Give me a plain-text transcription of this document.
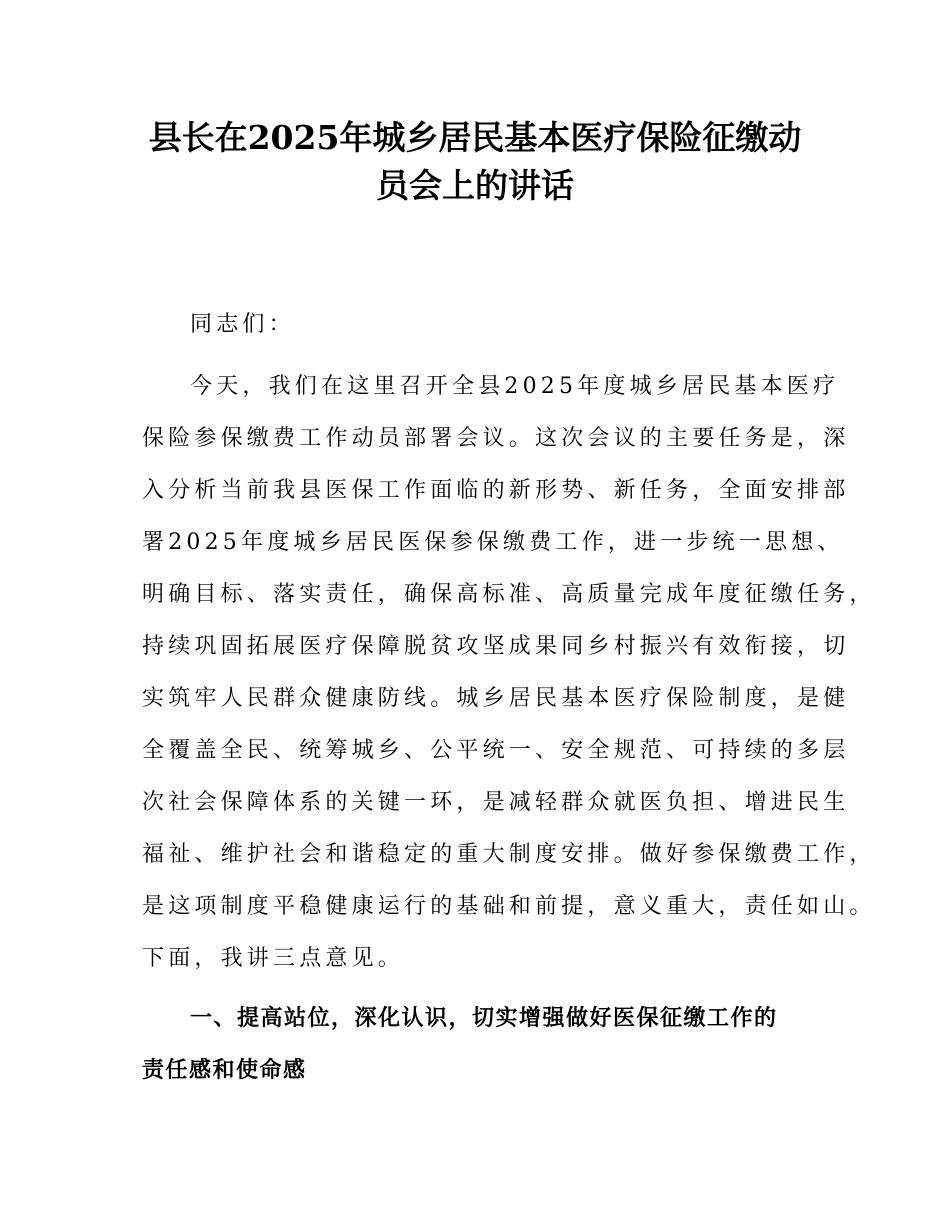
县长在2025年城乡居民基本医疗保险征缴动
员会上的讲话
同志们：
今天，我们在这里召开全县2025年度城乡居民基本医疗
保险参保缴费工作动员部署会议。这次会议的主要任务是，深
入分析当前我县医保工作面临的新形势、新任务，全面安排部
署2025年度城乡居民医保参保缴费工作，进一步统一思想、
明确目标、落实责任，确保高标准、高质量完成年度征缴任务，
持续巩固拓展医疗保障脱贫攻坚成果同乡村振兴有效衔接，切
实筑牢人民群众健康防线。城乡居民基本医疗保险制度，是健
全覆盖全民、统筹城乡、公平统一、安全规范、可持续的多层
次社会保障体系的关键一环，是减轻群众就医负担、增进民生
福祉、维护社会和谐稳定的重大制度安排。做好参保缴费工作，
是这项制度平稳健康运行的基础和前提，意义重大，责任如山。
下面，我讲三点意见。
一、提高站位，深化认识，切实增强做好医保征缴工作的
责任感和使命感
